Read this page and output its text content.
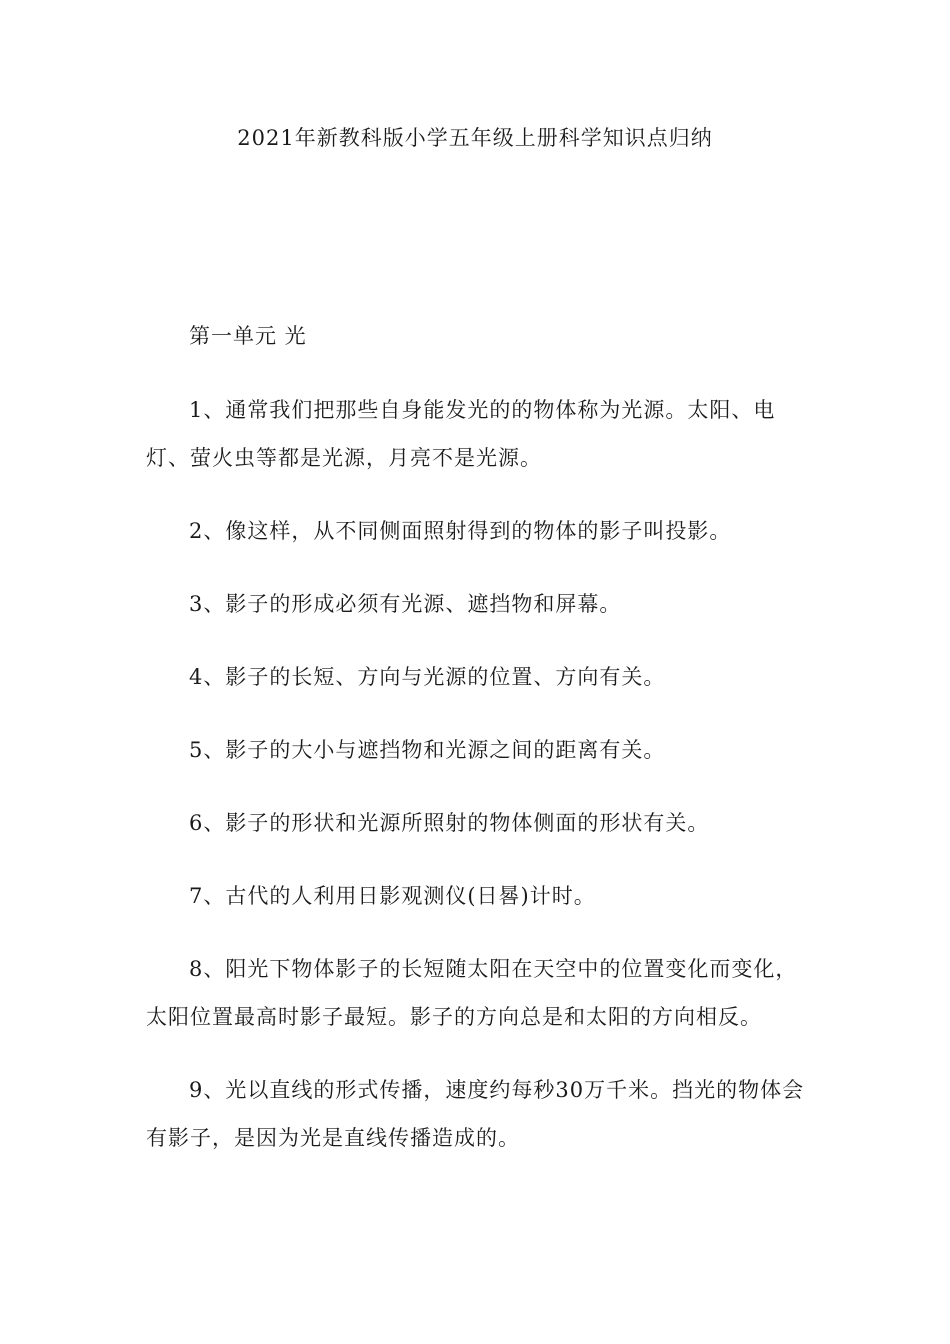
2021年新教科版小学五年级上册科学知识点归纳

第一单元 光

1、通常我们把那些自身能发光的的物体称为光源。太阳、电灯、萤火虫等都是光源，月亮不是光源。

2、像这样，从不同侧面照射得到的物体的影子叫投影。

3、影子的形成必须有光源、遮挡物和屏幕。

4、影子的长短、方向与光源的位置、方向有关。

5、影子的大小与遮挡物和光源之间的距离有关。

6、影子的形状和光源所照射的物体侧面的形状有关。

7、古代的人利用日影观测仪(日晷)计时。

8、阳光下物体影子的长短随太阳在天空中的位置变化而变化，太阳位置最高时影子最短。影子的方向总是和太阳的方向相反。

9、光以直线的形式传播，速度约每秒30万千米。挡光的物体会有影子，是因为光是直线传播造成的。
